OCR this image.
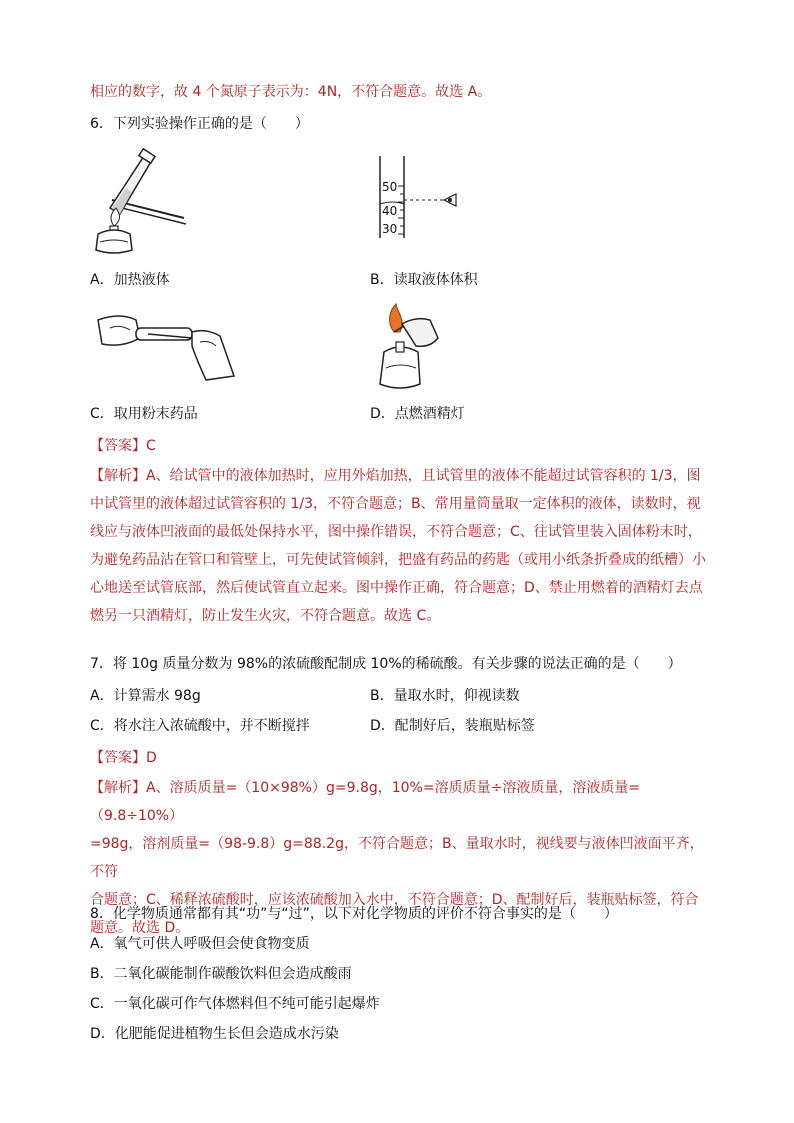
相应的数字，故 4 个氮原子表示为：4N，不符合题意。故选 A。
6．下列实验操作正确的是（　　）
50
40
30
A．加热液体	B．读取液体体积
C．取用粉末药品	D．点燃酒精灯
【答案】C
【解析】A、给试管中的液体加热时，应用外焰加热，且试管里的液体不能超过试管容积的 1/3，图
中试管里的液体超过试管容积的 1/3，不符合题意；B、常用量筒量取一定体积的液体，读数时，视
线应与液体凹液面的最低处保持水平，图中操作错误，不符合题意；C、往试管里装入固体粉末时，
为避免药品沾在管口和管壁上，可先使试管倾斜，把盛有药品的药匙（或用小纸条折叠成的纸槽）小
心地送至试管底部，然后使试管直立起来。图中操作正确，符合题意；D、禁止用燃着的酒精灯去点
燃另一只酒精灯，防止发生火灾，不符合题意。故选 C。
7．将 10g 质量分数为 98%的浓硫酸配制成 10%的稀硫酸。有关步骤的说法正确的是（　　）
A．计算需水 98g	B．量取水时，仰视读数
C．将水注入浓硫酸中，并不断搅拌	D．配制好后，装瓶贴标签
【答案】D
【解析】A、溶质质量=（10×98%）g=9.8g，10%=溶质质量÷溶液质量，溶液质量=（9.8÷10%）
=98g，溶剂质量=（98-9.8）g=88.2g，不符合题意；B、量取水时，视线要与液体凹液面平齐，不符
合题意；C、稀释浓硫酸时，应该浓硫酸加入水中，不符合题意；D、配制好后，装瓶贴标签，符合
题意。故选 D。
8．化学物质通常都有其“功”与“过”，以下对化学物质的评价不符合事实的是（　　）
A．氧气可供人呼吸但会使食物变质
B．二氧化碳能制作碳酸饮料但会造成酸雨
C．一氧化碳可作气体燃料但不纯可能引起爆炸
D．化肥能促进植物生长但会造成水污染
